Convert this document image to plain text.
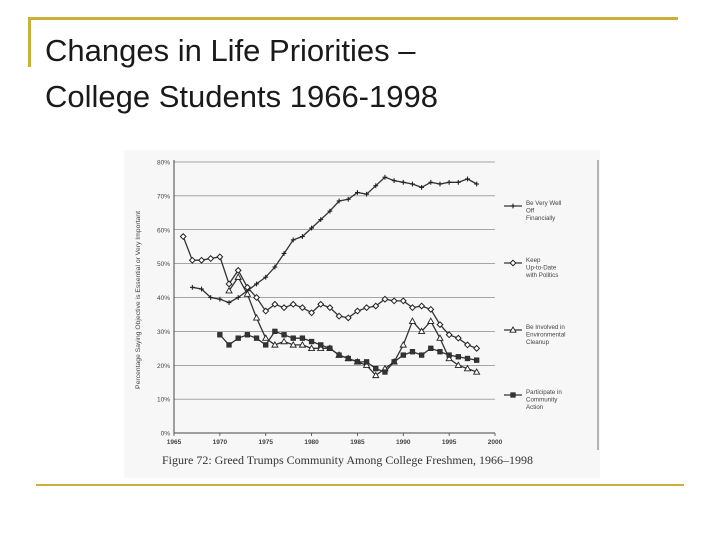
Changes in Life Priorities –
College Students 1966-1998
0%
10%
20%
30%
40%
50%
60%
70%
80%
1965	1970	1975	1980	1985	1990	1995	2000
Be Very Well Off Financially
Keep Up-to-Date with Politics
Be Involved in Environmental Cleanup
Participate in Community Action
Percentage Saying Objective is Essential or Very Important
Figure 72: Greed Trumps Community Among College Freshmen, 1966–1998
